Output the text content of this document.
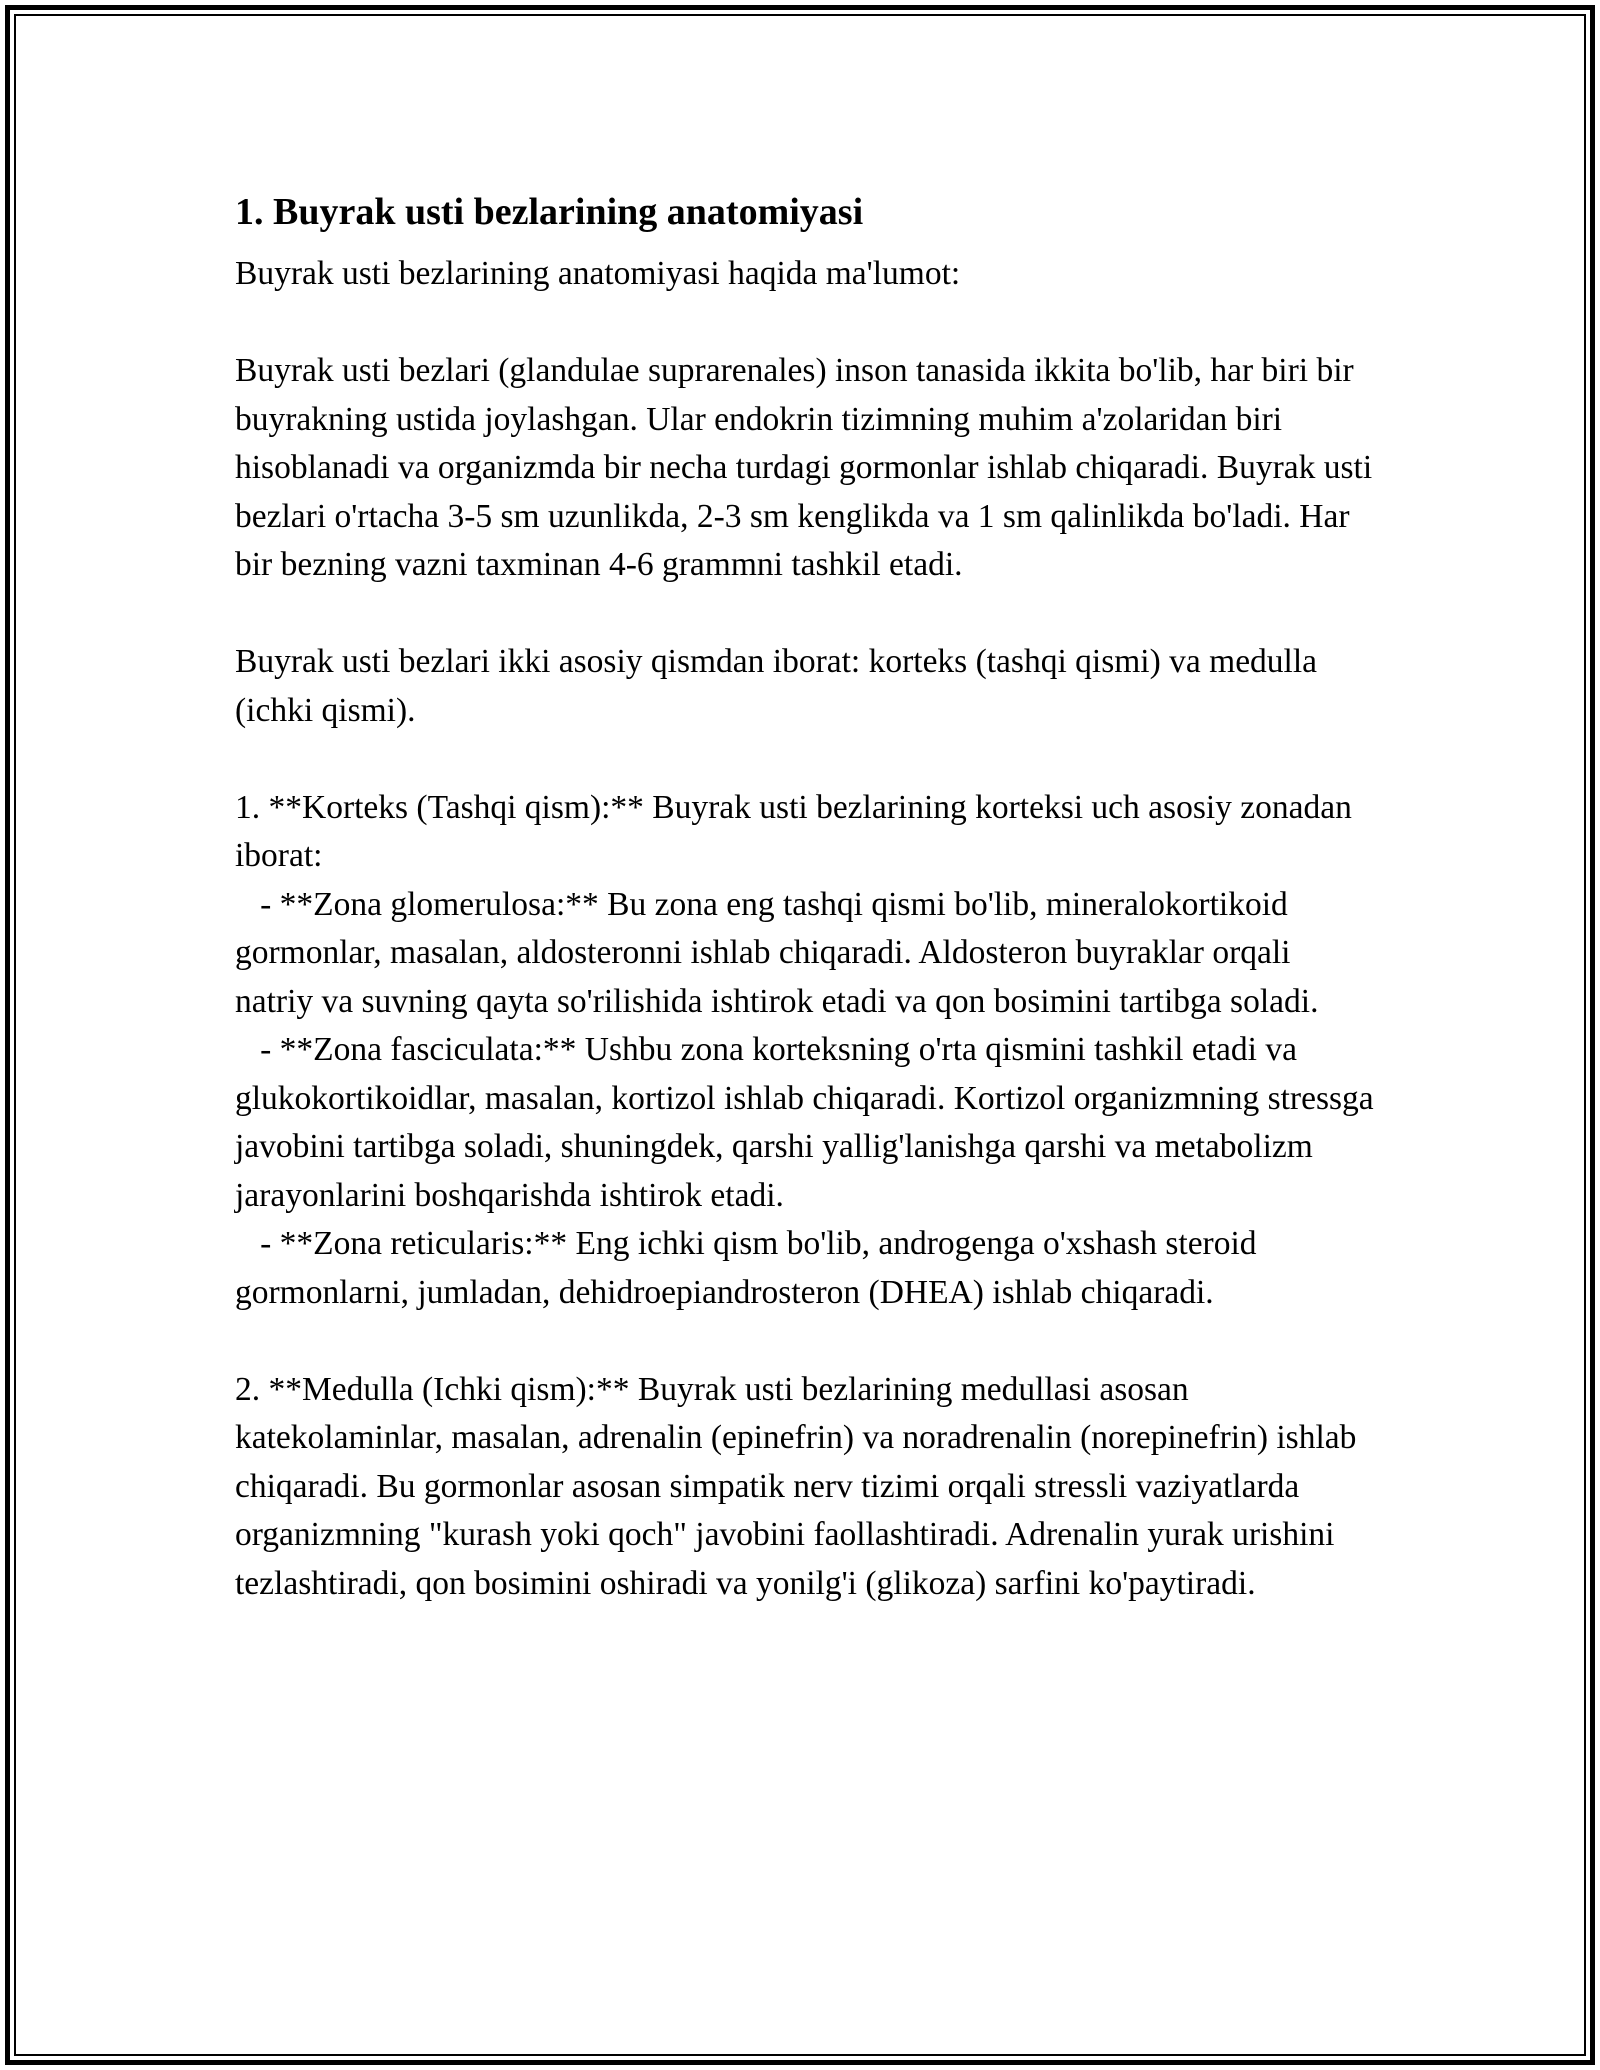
1. Buyrak usti bezlarining anatomiyasi

Buyrak usti bezlarining anatomiyasi haqida ma'lumot:

Buyrak usti bezlari (glandulae suprarenales) inson tanasida ikkita bo'lib, har biri bir buyrakning ustida joylashgan. Ular endokrin tizimning muhim a'zolaridan biri hisoblanadi va organizmda bir necha turdagi gormonlar ishlab chiqaradi. Buyrak usti bezlari o'rtacha 3-5 sm uzunlikda, 2-3 sm kenglikda va 1 sm qalinlikda bo'ladi. Har bir bezning vazni taxminan 4-6 grammni tashkil etadi.

Buyrak usti bezlari ikki asosiy qismdan iborat: korteks (tashqi qismi) va medulla (ichki qismi).

1. **Korteks (Tashqi qism):** Buyrak usti bezlarining korteksi uch asosiy zonadan iborat:

- **Zona glomerulosa:** Bu zona eng tashqi qismi bo'lib, mineralokortikoid gormonlar, masalan, aldosteronni ishlab chiqaradi. Aldosteron buyraklar orqali natriy va suvning qayta so'rilishida ishtirok etadi va qon bosimini tartibga soladi.

- **Zona fasciculata:** Ushbu zona korteksning o'rta qismini tashkil etadi va glukokortikoidlar, masalan, kortizol ishlab chiqaradi. Kortizol organizmning stressga javobini tartibga soladi, shuningdek, qarshi yallig'lanishga qarshi va metabolizm jarayonlarini boshqarishda ishtirok etadi.

- **Zona reticularis:** Eng ichki qism bo'lib, androgenga o'xshash steroid gormonlarni, jumladan, dehidroepiandrosteron (DHEA) ishlab chiqaradi.

2. **Medulla (Ichki qism):** Buyrak usti bezlarining medullasi asosan katekolaminlar, masalan, adrenalin (epinefrin) va noradrenalin (norepinefrin) ishlab chiqaradi. Bu gormonlar asosan simpatik nerv tizimi orqali stressli vaziyatlarda organizmning "kurash yoki qoch" javobini faollashtiradi. Adrenalin yurak urishini tezlashtiradi, qon bosimini oshiradi va yonilg'i (glikoza) sarfini ko'paytiradi.
